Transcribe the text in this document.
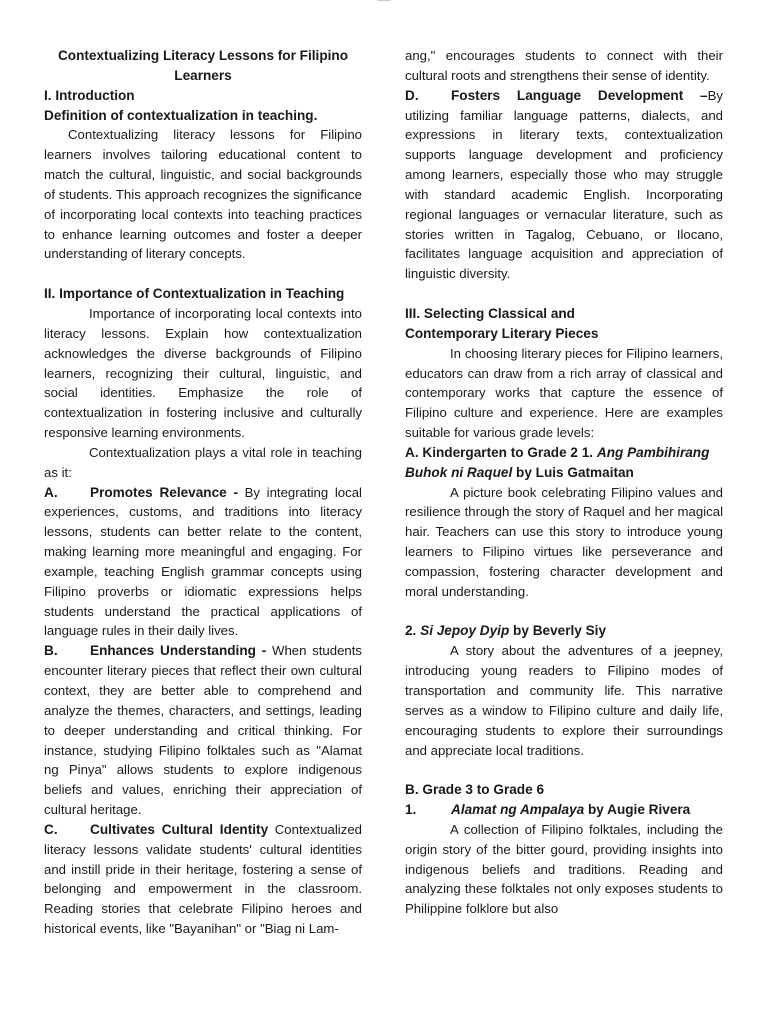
Contextualizing Literacy Lessons for Filipino Learners

I. Introduction

Definition of contextualization in teaching.

Contextualizing literacy lessons for Filipino learners involves tailoring educational content to match the cultural, linguistic, and social backgrounds of students. This approach recognizes the significance of incorporating local contexts into teaching practices to enhance learning outcomes and foster a deeper understanding of literary concepts.

II. Importance of Contextualization in Teaching

Importance of incorporating local contexts into literacy lessons. Explain how contextualization acknowledges the diverse backgrounds of Filipino learners, recognizing their cultural, linguistic, and social identities. Emphasize the role of contextualization in fostering inclusive and culturally responsive learning environments.

Contextualization plays a vital role in teaching as it:

A. Promotes Relevance - By integrating local experiences, customs, and traditions into literacy lessons, students can better relate to the content, making learning more meaningful and engaging. For example, teaching English grammar concepts using Filipino proverbs or idiomatic expressions helps students understand the practical applications of language rules in their daily lives.

B. Enhances Understanding - When students encounter literary pieces that reflect their own cultural context, they are better able to comprehend and analyze the themes, characters, and settings, leading to deeper understanding and critical thinking. For instance, studying Filipino folktales such as "Alamat ng Pinya" allows students to explore indigenous beliefs and values, enriching their appreciation of cultural heritage.

C. Cultivates Cultural Identity Contextualized literacy lessons validate students' cultural identities and instill pride in their heritage, fostering a sense of belonging and empowerment in the classroom. Reading stories that celebrate Filipino heroes and historical events, like "Bayanihan" or "Biag ni Lam-

ang," encourages students to connect with their cultural roots and strengthens their sense of identity.

D. Fosters Language Development –By utilizing familiar language patterns, dialects, and expressions in literary texts, contextualization supports language development and proficiency among learners, especially those who may struggle with standard academic English. Incorporating regional languages or vernacular literature, such as stories written in Tagalog, Cebuano, or Ilocano, facilitates language acquisition and appreciation of linguistic diversity.

III. Selecting Classical and

Contemporary Literary Pieces

In choosing literary pieces for Filipino learners, educators can draw from a rich array of classical and contemporary works that capture the essence of Filipino culture and experience. Here are examples suitable for various grade levels:

A. Kindergarten to Grade 2 1. Ang Pambihirang Buhok ni Raquel by Luis Gatmaitan

A picture book celebrating Filipino values and resilience through the story of Raquel and her magical hair. Teachers can use this story to introduce young learners to Filipino virtues like perseverance and compassion, fostering character development and moral understanding.

2. Si Jepoy Dyip by Beverly Siy

A story about the adventures of a jeepney, introducing young readers to Filipino modes of transportation and community life. This narrative serves as a window to Filipino culture and daily life, encouraging students to explore their surroundings and appreciate local traditions.

B. Grade 3 to Grade 6

1.	Alamat ng Ampalaya by Augie Rivera

A collection of Filipino folktales, including the origin story of the bitter gourd, providing insights into indigenous beliefs and traditions. Reading and analyzing these folktales not only exposes students to Philippine folklore but also
